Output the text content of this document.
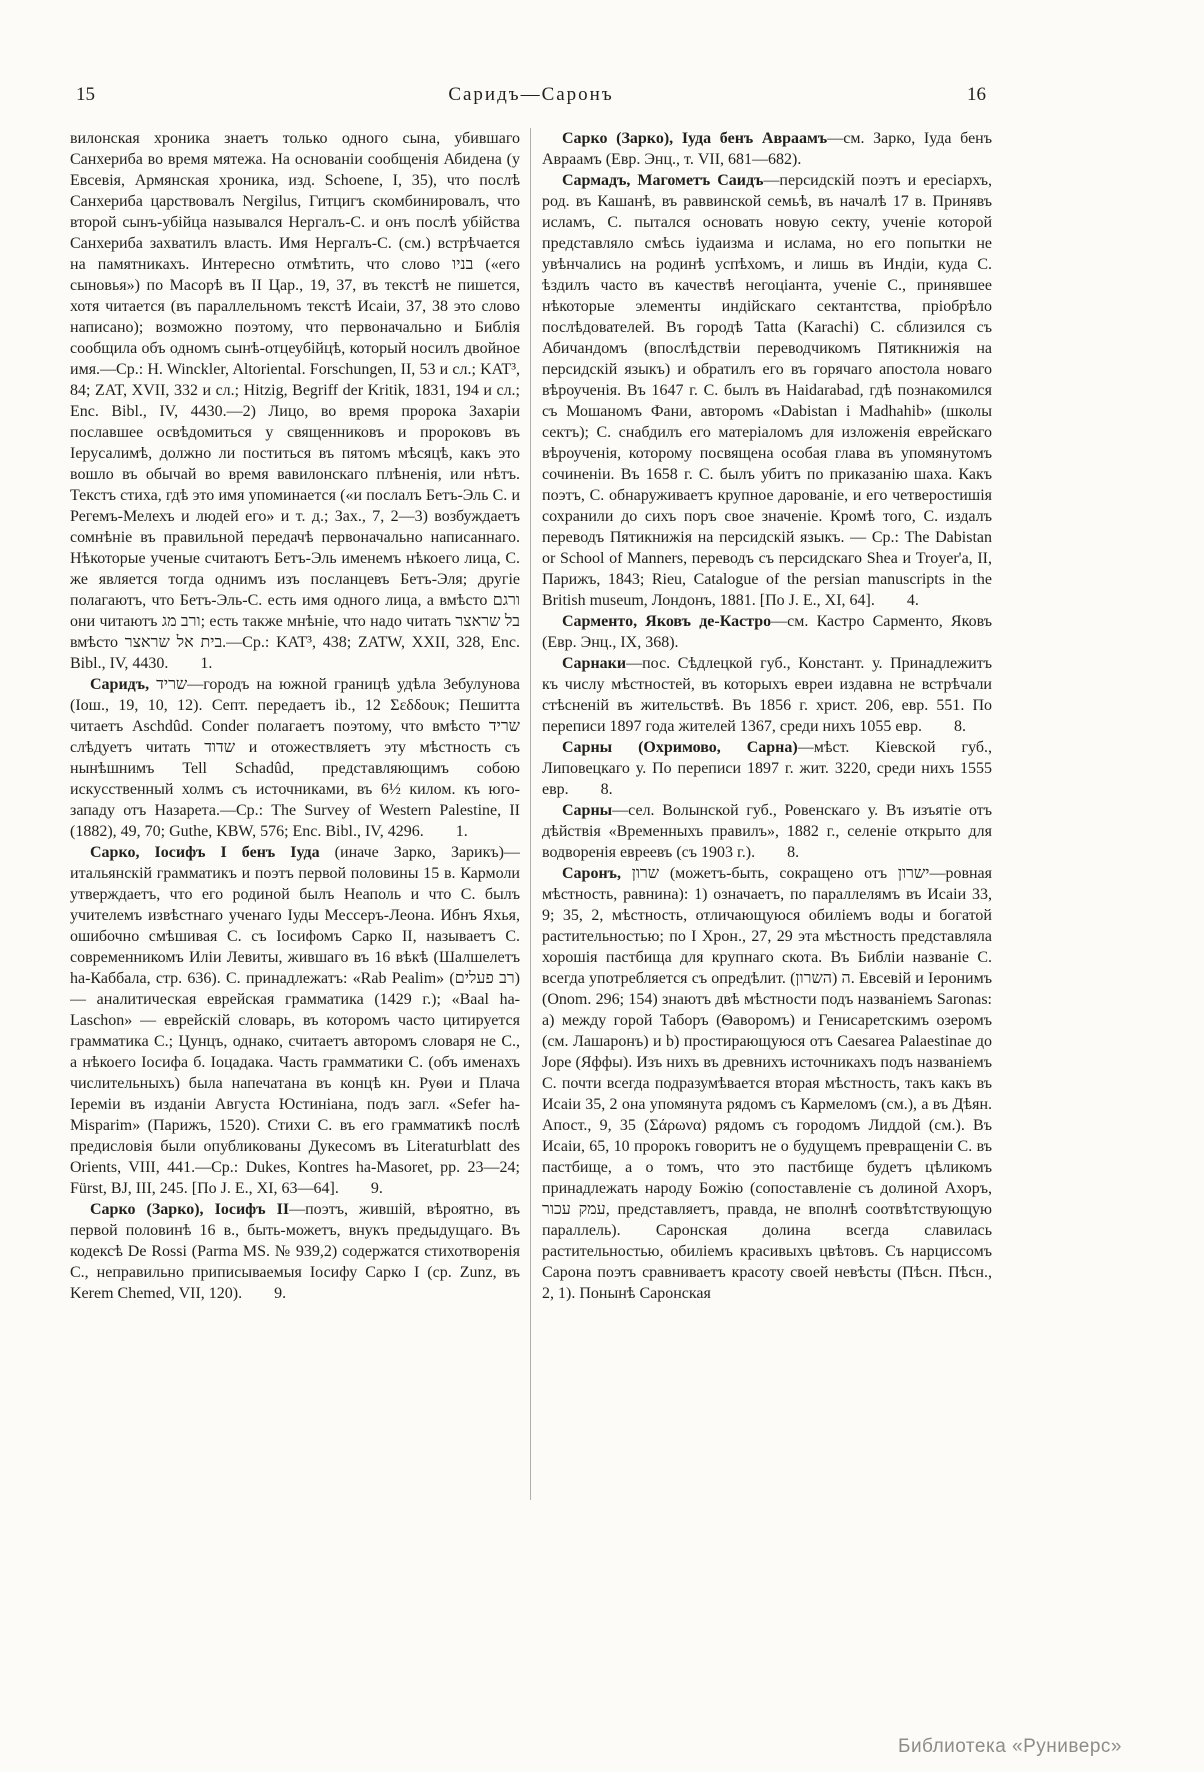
15	Саридъ—Саронъ	16

вилонская хроника знаетъ только одного сына, убившаго Санхериба во время мятежа. На основаніи сообщенія Абидена (у Евсевія, Армянская хроника, изд. Schoene, I, 35), что послѣ Санхериба царствовалъ Nergilus, Гитцигъ скомбинировалъ, что второй сынъ-убійца назывался Нергалъ-С. и онъ послѣ убійства Санхериба захватилъ власть. Имя Нергалъ-С. (см.) встрѣчается на памятникахъ. Интересно отмѣтить, что слово בניו («его сыновья») по Масорѣ въ II Цар., 19, 37, въ текстѣ не пишется, хотя читается (въ параллельномъ текстѣ Исаіи, 37, 38 это слово написано); возможно поэтому, что первоначально и Библія сообщила объ одномъ сынѣ-отцеубійцѣ, который носилъ двойное имя.—Ср.: H. Winckler, Altoriental. Forschungen, II, 53 и сл.; KAT³, 84; ZAT, XVII, 332 и сл.; Hitzig, Begriff der Kritik, 1831, 194 и сл.; Enc. Bibl., IV, 4430.—2) Лицо, во время пророка Захаріи пославшее освѣдомиться у священниковъ и пророковъ въ Іерусалимѣ, должно ли поститься въ пятомъ мѣсяцѣ, какъ это вошло въ обычай во время вавилонскаго плѣненія, или нѣтъ. Текстъ стиха, гдѣ это имя упоминается («и послалъ Бетъ-Эль С. и Регемъ-Мелехъ и людей его» и т. д.; Зах., 7, 2—3) возбуждаетъ сомнѣніе въ правильной передачѣ первоначально написаннаго. Нѣкоторые ученые считаютъ Бетъ-Эль именемъ нѣкоего лица, С. же является тогда однимъ изъ посланцевъ Бетъ-Эля; другіе полагаютъ, что Бетъ-Эль-С. есть имя одного лица, а вмѣсто ורגם они читаютъ ורב מג; есть также мнѣніе, что надо читать בל שראצר вмѣсто בית אל שראצר.—Ср.: KAT³, 438; ZATW, XXII, 328, Enc. Bibl., IV, 4430.  1.

Саридъ, שריד—городъ на южной границѣ удѣла Зебулунова (Іош., 19, 10, 12). Септ. передаетъ ib., 12 Σεδδουκ; Пешитта читаетъ Aschdûd. Conder полагаетъ поэтому, что вмѣсто שריד слѣдуетъ читать שדוד и отожествляетъ эту мѣстность съ нынѣшнимъ Tell Schadûd, представляющимъ собою искусственный холмъ съ источниками, въ 6½ килом. къ юго-западу отъ Назарета.—Ср.: The Survey of Western Palestine, II (1882), 49, 70; Guthe, KBW, 576; Enc. Bibl., IV, 4296.  1.

Сарко, Іосифъ I бенъ Іуда (иначе Зарко, Зарикъ)—итальянскій грамматикъ и поэтъ первой половины 15 в. Кармоли утверждаетъ, что его родиной былъ Неаполь и что С. былъ учителемъ извѣстнаго ученаго Іуды Мессеръ-Леона. Ибнъ Яхья, ошибочно смѣшивая С. съ Іосифомъ Сарко II, называетъ С. современникомъ Иліи Левиты, жившаго въ 16 вѣкѣ (Шалшелетъ ha-Каббала, стр. 636). С. принадлежатъ: «Rab Pealim» (רב פעלים) — аналитическая еврейская грамматика (1429 г.); «Baal ha-Laschon» — еврейскій словарь, въ которомъ часто цитируется грамматика С.; Цунцъ, однако, считаетъ авторомъ словаря не С., а нѣкоего Іосифа б. Іоцадака. Часть грамматики С. (объ именахъ числительныхъ) была напечатана въ концѣ кн. Руѳи и Плача Іереміи въ изданіи Августа Юстиніана, подъ загл. «Sefer ha-Misparim» (Парижъ, 1520). Стихи С. въ его грамматикѣ послѣ предисловія были опубликованы Дукесомъ въ Literaturblatt des Orients, VIII, 441.—Ср.: Dukes, Kontres ha-Masoret, pp. 23—24; Fürst, BJ, III, 245. [По J. E., XI, 63—64].  9.

Сарко (Зарко), Іосифъ II—поэтъ, жившій, вѣроятно, въ первой половинѣ 16 в., быть-можетъ, внукъ предыдущаго. Въ кодексѣ De Rossi (Parma MS. № 939,2) содержатся стихотворенія С., неправильно приписываемыя Іосифу Сарко I (ср. Zunz, въ Kerem Chemed, VII, 120).  9.

Сарко (Зарко), Іуда бенъ Авраамъ—см. Зарко, Іуда бенъ Авраамъ (Евр. Энц., т. VII, 681—682).

Сармадъ, Магометъ Саидъ—персидскій поэтъ и ересіархъ, род. въ Кашанѣ, въ раввинской семьѣ, въ началѣ 17 в. Принявъ исламъ, С. пытался основать новую секту, ученіе которой представляло смѣсь іудаизма и ислама, но его попытки не увѣнчались на родинѣ успѣхомъ, и лишь въ Индіи, куда С. ѣздилъ часто въ качествѣ негоціанта, ученіе С., принявшее нѣкоторые элементы индійскаго сектантства, пріобрѣло послѣдователей. Въ городѣ Tatta (Karachi) С. сблизился съ Абичандомъ (впослѣдствіи переводчикомъ Пятикнижія на персидскій языкъ) и обратилъ его въ горячаго апостола новаго вѣроученія. Въ 1647 г. С. былъ въ Haidarabad, гдѣ познакомился съ Мошаномъ Фани, авторомъ «Dabistan i Madhahib» (школы сектъ); С. снабдилъ его матеріаломъ для изложенія еврейскаго вѣроученія, которому посвящена особая глава въ упомянутомъ сочиненіи. Въ 1658 г. С. былъ убитъ по приказанію шаха. Какъ поэтъ, С. обнаруживаетъ крупное дарованіе, и его четверостишія сохранили до сихъ поръ свое значеніе. Кромѣ того, С. издалъ переводъ Пятикнижія на персидскій языкъ. — Ср.: The Dabistan or School of Manners, переводъ съ персидскаго Shea и Troyer'а, II, Парижъ, 1843; Rieu, Catalogue of the persian manuscripts in the British museum, Лондонъ, 1881. [По J. E., XI, 64].  4.

Сарменто, Яковъ де-Кастро—см. Кастро Сарменто, Яковъ (Евр. Энц., IX, 368).

Сарнаки—пос. Сѣдлецкой губ., Констант. у. Принадлежитъ къ числу мѣстностей, въ которыхъ евреи издавна не встрѣчали стѣсненій въ жительствѣ. Въ 1856 г. христ. 206, евр. 551. По переписи 1897 года жителей 1367, среди нихъ 1055 евр.  8.

Сарны (Охримово, Сарна)—мѣст. Кіевской губ., Липовецкаго у. По переписи 1897 г. жит. 3220, среди нихъ 1555 евр.  8.

Сарны—сел. Волынской губ., Ровенскаго у. Въ изъятіе отъ дѣйствія «Временныхъ правилъ», 1882 г., селеніе открыто для водворенія евреевъ (съ 1903 г.).  8.

Саронъ, שרון (можетъ-быть, сокращено отъ ישרון—ровная мѣстность, равнина): 1) означаетъ, по параллелямъ въ Исаіи 33, 9; 35, 2, мѣстность, отличающуюся обиліемъ воды и богатой растительностью; по I Хрон., 27, 29 эта мѣстность представляла хорошія пастбища для крупнаго скота. Въ Библіи названіе С. всегда употребляется съ опредѣлит. ה (השרון). Евсевій и Іеронимъ (Onom. 296; 154) знаютъ двѣ мѣстности подъ названіемъ Saronas: а) между горой Таборъ (Ѳаворомъ) и Генисаретскимъ озеромъ (см. Лашаронъ) и b) простирающуюся отъ Caesarea Palaestinae до Jope (Яффы). Изъ нихъ въ древнихъ источникахъ подъ названіемъ С. почти всегда подразумѣвается вторая мѣстность, такъ какъ въ Исаіи 35, 2 она упомянута рядомъ съ Кармеломъ (см.), а въ Дѣян. Апост., 9, 35 (Σάρωνα) рядомъ съ городомъ Лиддой (см.). Въ Исаіи, 65, 10 пророкъ говоритъ не о будущемъ превращеніи С. въ пастбище, а о томъ, что это пастбище будетъ цѣликомъ принадлежать народу Божію (сопоставленіе съ долиной Ахоръ, עמק עכור, представляетъ, правда, не вполнѣ соотвѣтствующую параллель). Саронская долина всегда славилась растительностью, обиліемъ красивыхъ цвѣтовъ. Съ нарциссомъ Сарона поэтъ сравниваетъ красоту своей невѣсты (Пѣсн. Пѣсн., 2, 1). Понынѣ Саронская

Библиотека «Руниверс»
